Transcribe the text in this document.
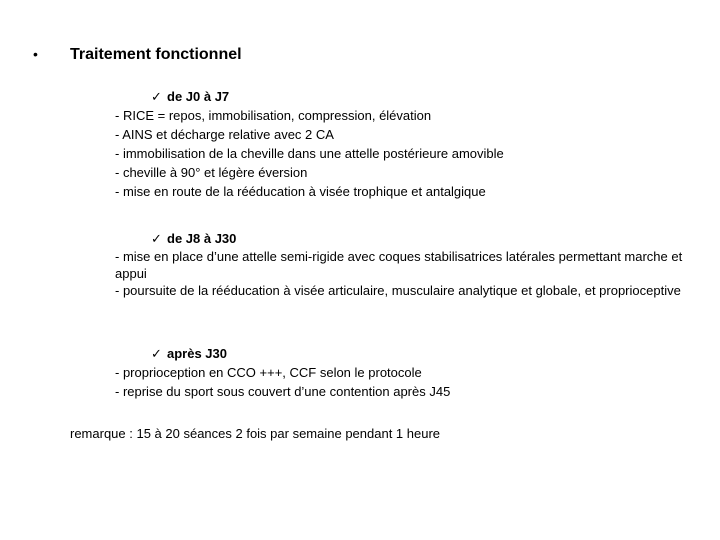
• Traitement fonctionnel
✓ de J0 à J7
- RICE = repos, immobilisation, compression, élévation
- AINS et décharge relative avec 2 CA
- immobilisation de la cheville dans une attelle postérieure amovible
- cheville à 90° et légère éversion
- mise en route de la rééducation à visée trophique et antalgique
✓ de J8 à J30
- mise en place d’une attelle semi-rigide avec coques stabilisatrices latérales permettant marche et appui
- poursuite de la rééducation à visée articulaire, musculaire analytique et globale, et proprioceptive
✓ après J30
- proprioception en CCO +++, CCF selon le protocole
- reprise du sport sous couvert d’une contention après J45
remarque : 15 à 20 séances 2 fois par semaine pendant 1 heure
